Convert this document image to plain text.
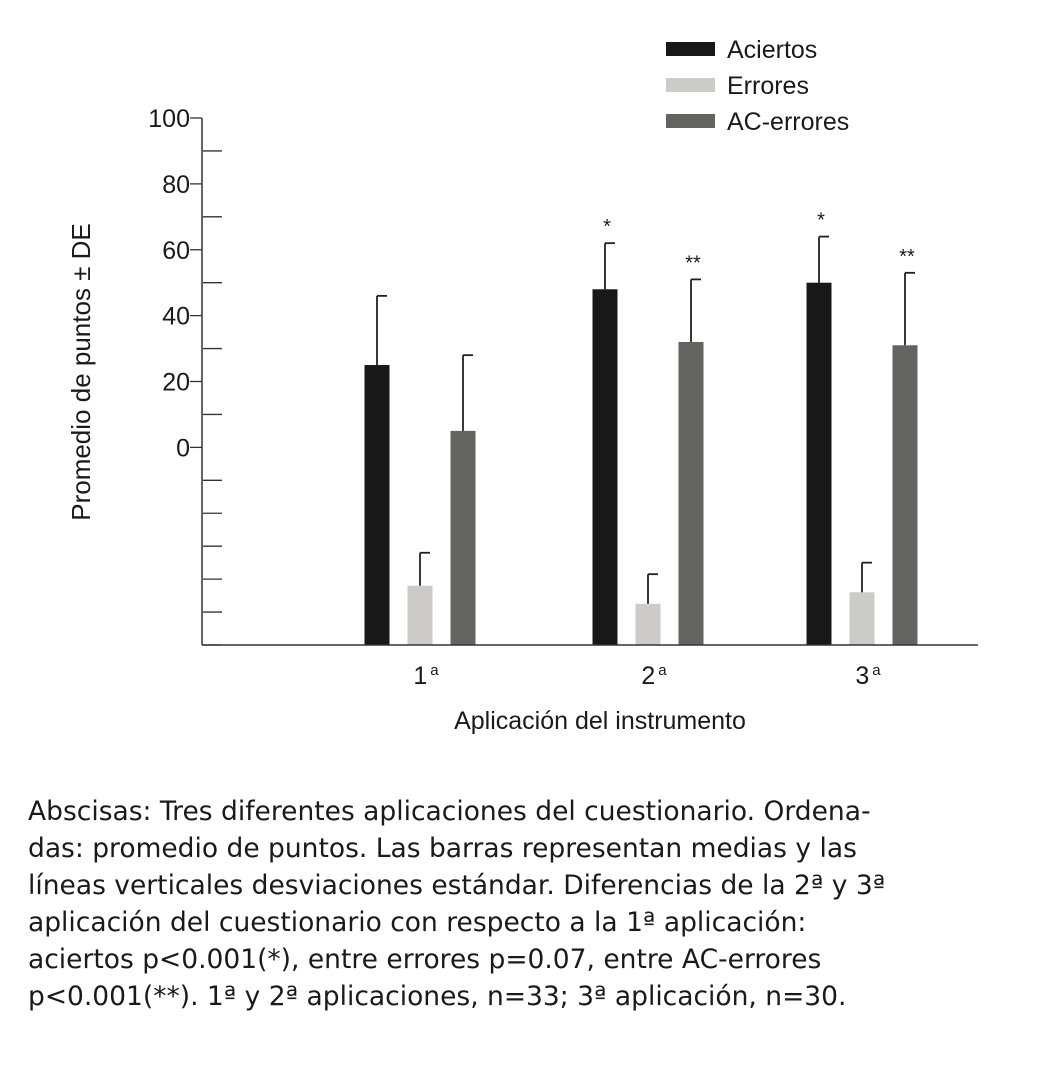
0
20
40
60
80
100
1 $^a$	2 $^a$	3 $^a$
*
**
*
**
Aciertos
Errores
AC-errores
Promedio de puntos ± DE
Aplicación del instrumento
Abscisas: Tres diferentes aplicaciones del cuestionario. Ordena-
das: promedio de puntos. Las barras representan medias y las
líneas verticales desviaciones estándar. Diferencias de la 2ª y 3ª
aplicación del cuestionario con respecto a la 1ª aplicación:
aciertos p<0.001(*), entre errores p=0.07, entre AC-errores
p<0.001(**). 1ª y 2ª aplicaciones, n=33; 3ª aplicación, n=30.
